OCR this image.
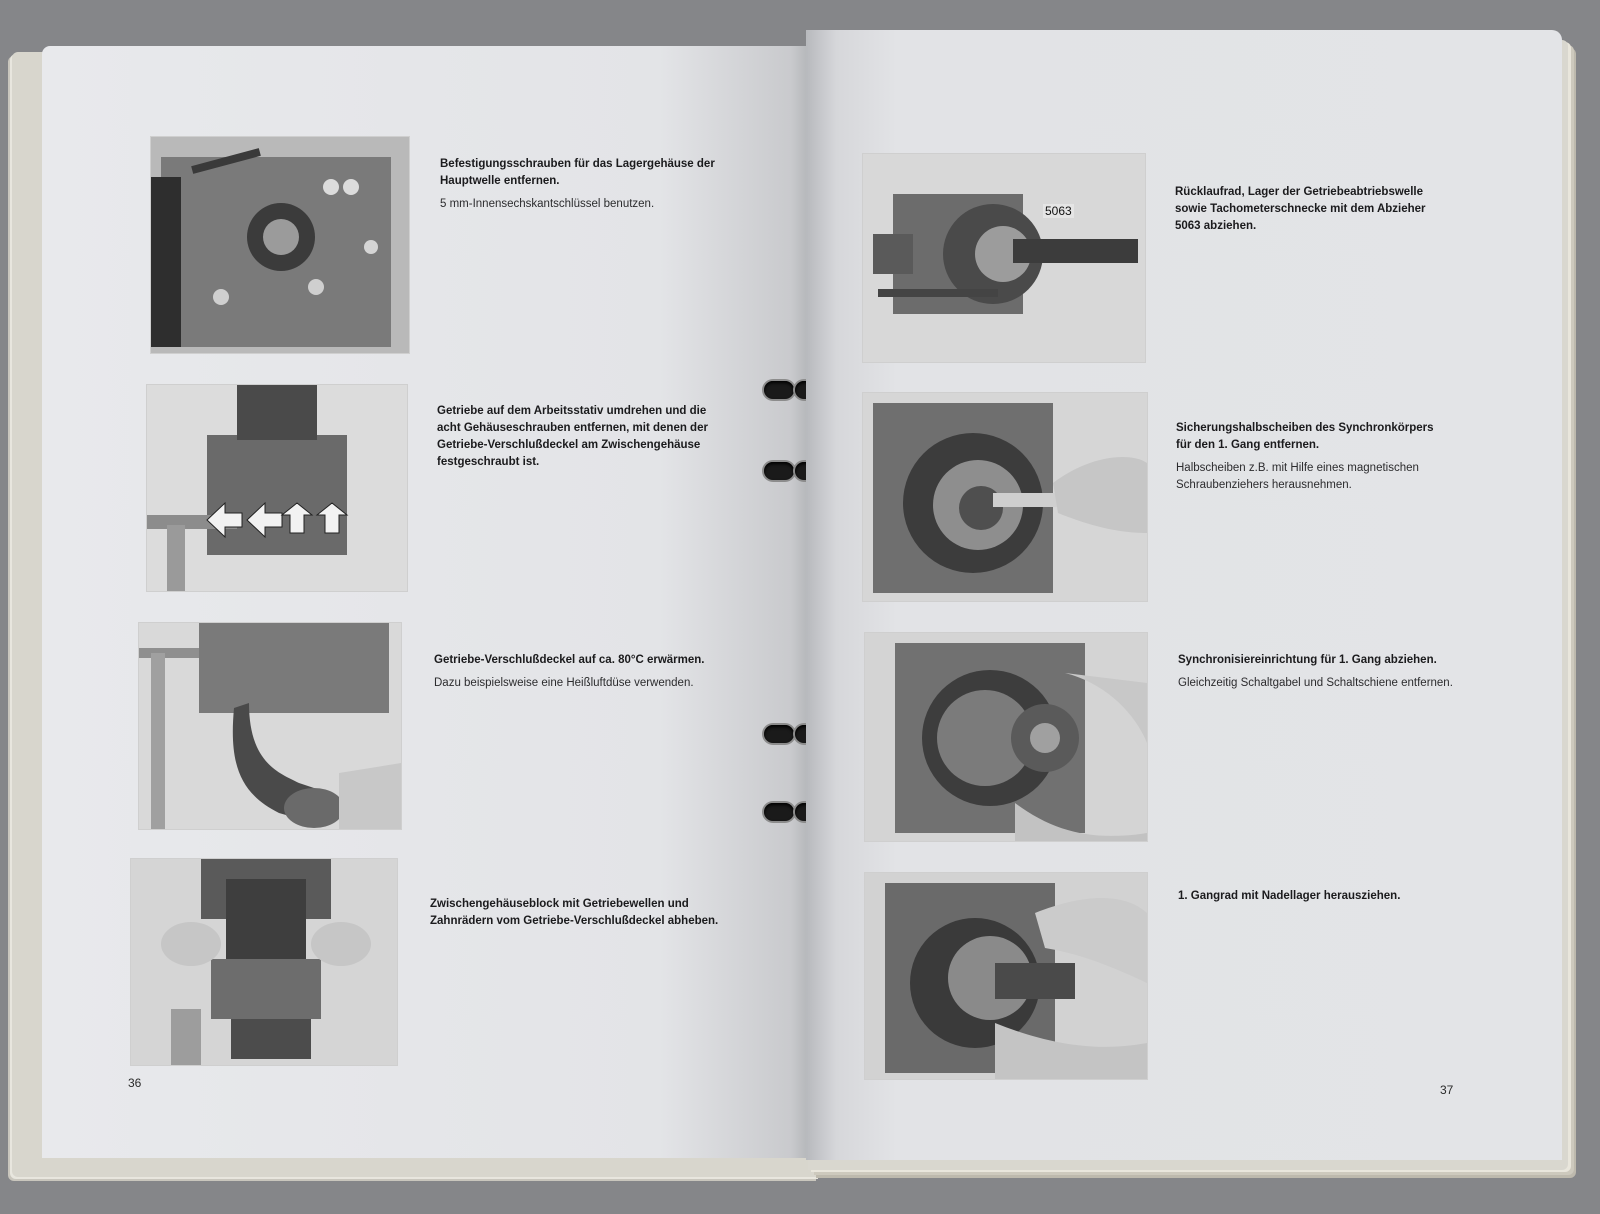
Befestigungsschrauben für das Lagergehäuse der Hauptwelle entfernen.
5 mm-Innensechskantschlüssel benutzen.
Getriebe auf dem Arbeitsstativ umdrehen und die acht Gehäuseschrauben entfernen, mit denen der Getriebe-Verschlußdeckel am Zwischengehäuse festgeschraubt ist.
Getriebe-Verschlußdeckel auf ca. 80°C erwärmen.
Dazu beispielsweise eine Heißluftdüse verwenden.
Zwischengehäuseblock mit Getriebewellen und Zahnrädern vom Getriebe-Verschlußdeckel abheben.
36
5063
Rücklaufrad, Lager der Getriebeabtriebswelle sowie Tachometerschnecke mit dem Abzieher 5063 abziehen.
Sicherungshalbscheiben des Synchronkörpers für den 1. Gang entfernen.
Halbscheiben z.B. mit Hilfe eines magnetischen Schraubenziehers herausnehmen.
Synchronisiereinrichtung für 1. Gang abziehen.
Gleichzeitig Schaltgabel und Schaltschiene entfernen.
1. Gangrad mit Nadellager herausziehen.
37
